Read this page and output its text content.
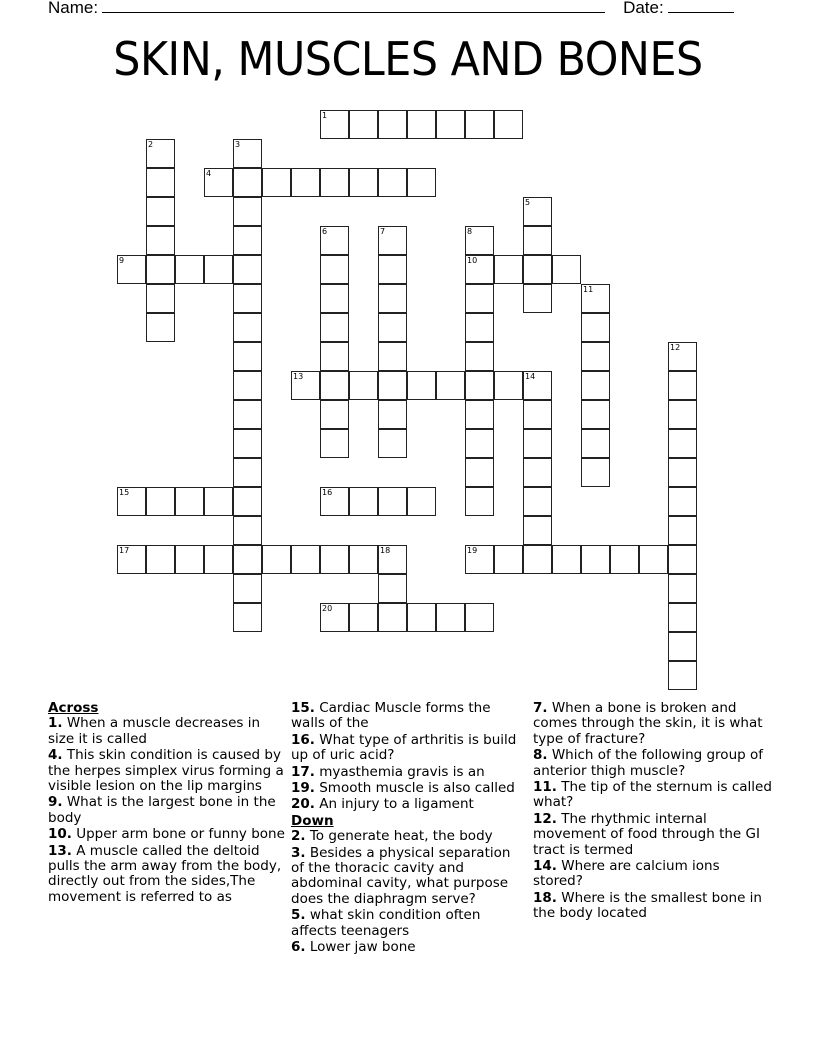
Name:	Date:
SKIN, MUSCLES AND BONES
1
2	3
4
5
6	7	8
10
9
11
12
13	14
15	16
17	18	19
20
Across
1. When a muscle decreases in size it is called
4. This skin condition is caused by the herpes simplex virus forming a visible lesion on the lip margins
9. What is the largest bone in the body
10. Upper arm bone or funny bone
13. A muscle called the deltoid pulls the arm away from the body, directly out from the sides,The movement is referred to as
15. Cardiac Muscle forms the walls of the
16. What type of arthritis is build up of uric acid?
17. myasthemia gravis is an
19. Smooth muscle is also called
20. An injury to a ligament
Down
2. To generate heat, the body
3. Besides a physical separation of the thoracic cavity and abdominal cavity, what purpose does the diaphragm serve?
5. what skin condition often affects teenagers
6. Lower jaw bone
7. When a bone is broken and comes through the skin, it is what type of fracture?
8. Which of the following group of anterior thigh muscle?
11. The tip of the sternum is called what?
12. The rhythmic internal movement of food through the GI tract is termed
14. Where are calcium ions stored?
18. Where is the smallest bone in the body located
